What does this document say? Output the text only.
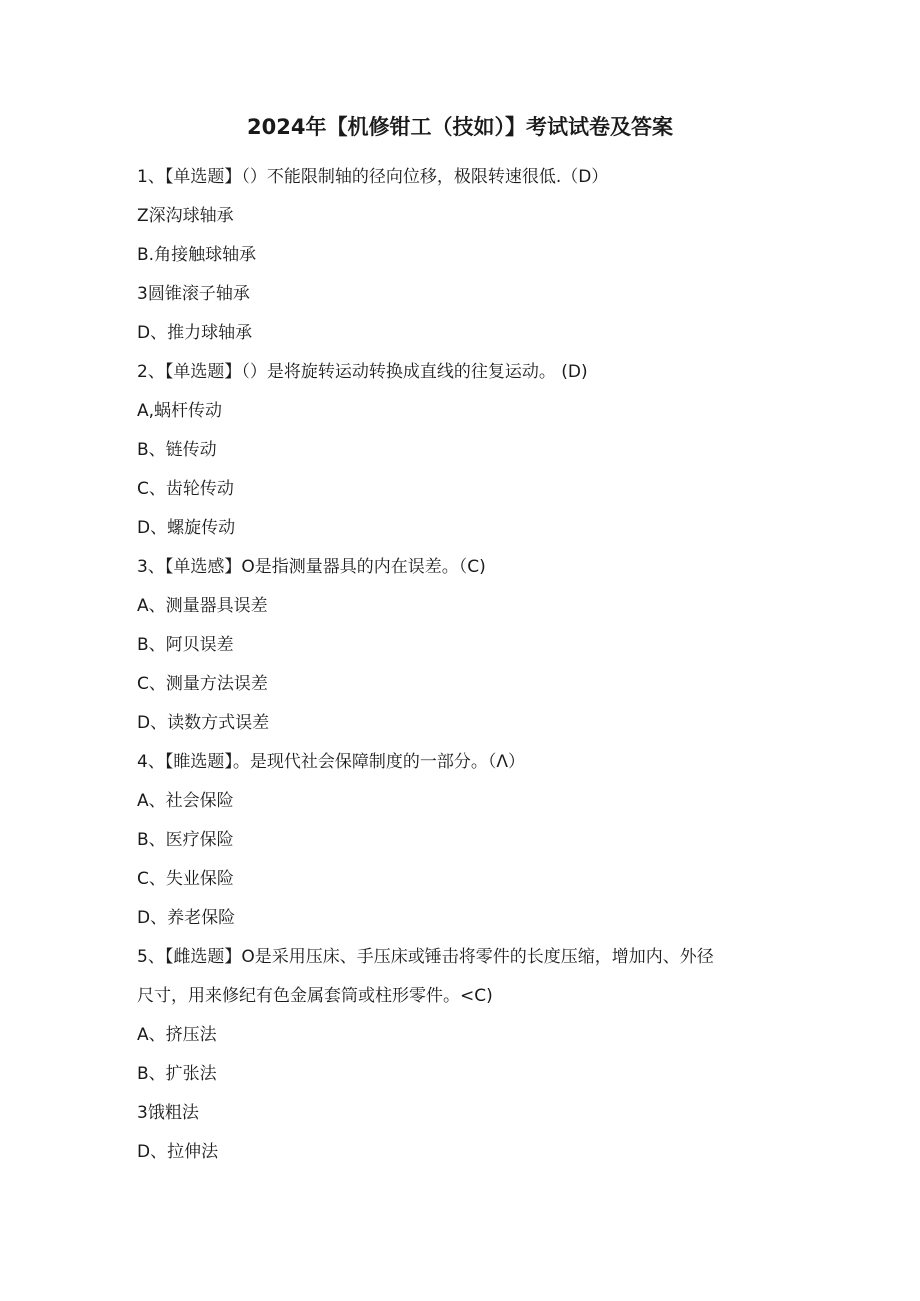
2024年【机修钳工（技如）】考试试卷及答案
1、【单选题】（）不能限制轴的径向位移，极限转速很低.（D）
Z深沟球轴承
B.角接触球轴承
3圆锥滚子轴承
D、推力球轴承
2、【单选题】（）是将旋转运动转换成直线的往复运动。 (D)
A,蜗杆传动
B、链传动
C、齿轮传动
D、螺旋传动
3、【单选感】O是指测量器具的内在误差。（C)
A、测量器具误差
B、阿贝误差
C、测量方法误差
D、读数方式误差
4、【睢选题】。是现代社会保障制度的一部分。（Λ）
A、社会保险
B、医疗保险
C、失业保险
D、养老保险
5、【雌选题】O是采用压床、手压床或锤击将零件的长度压缩，增加内、外径
尺寸，用来修纪有色金属套筒或柱形零件。<C)
A、挤压法
B、扩张法
3饿粗法
D、拉伸法
